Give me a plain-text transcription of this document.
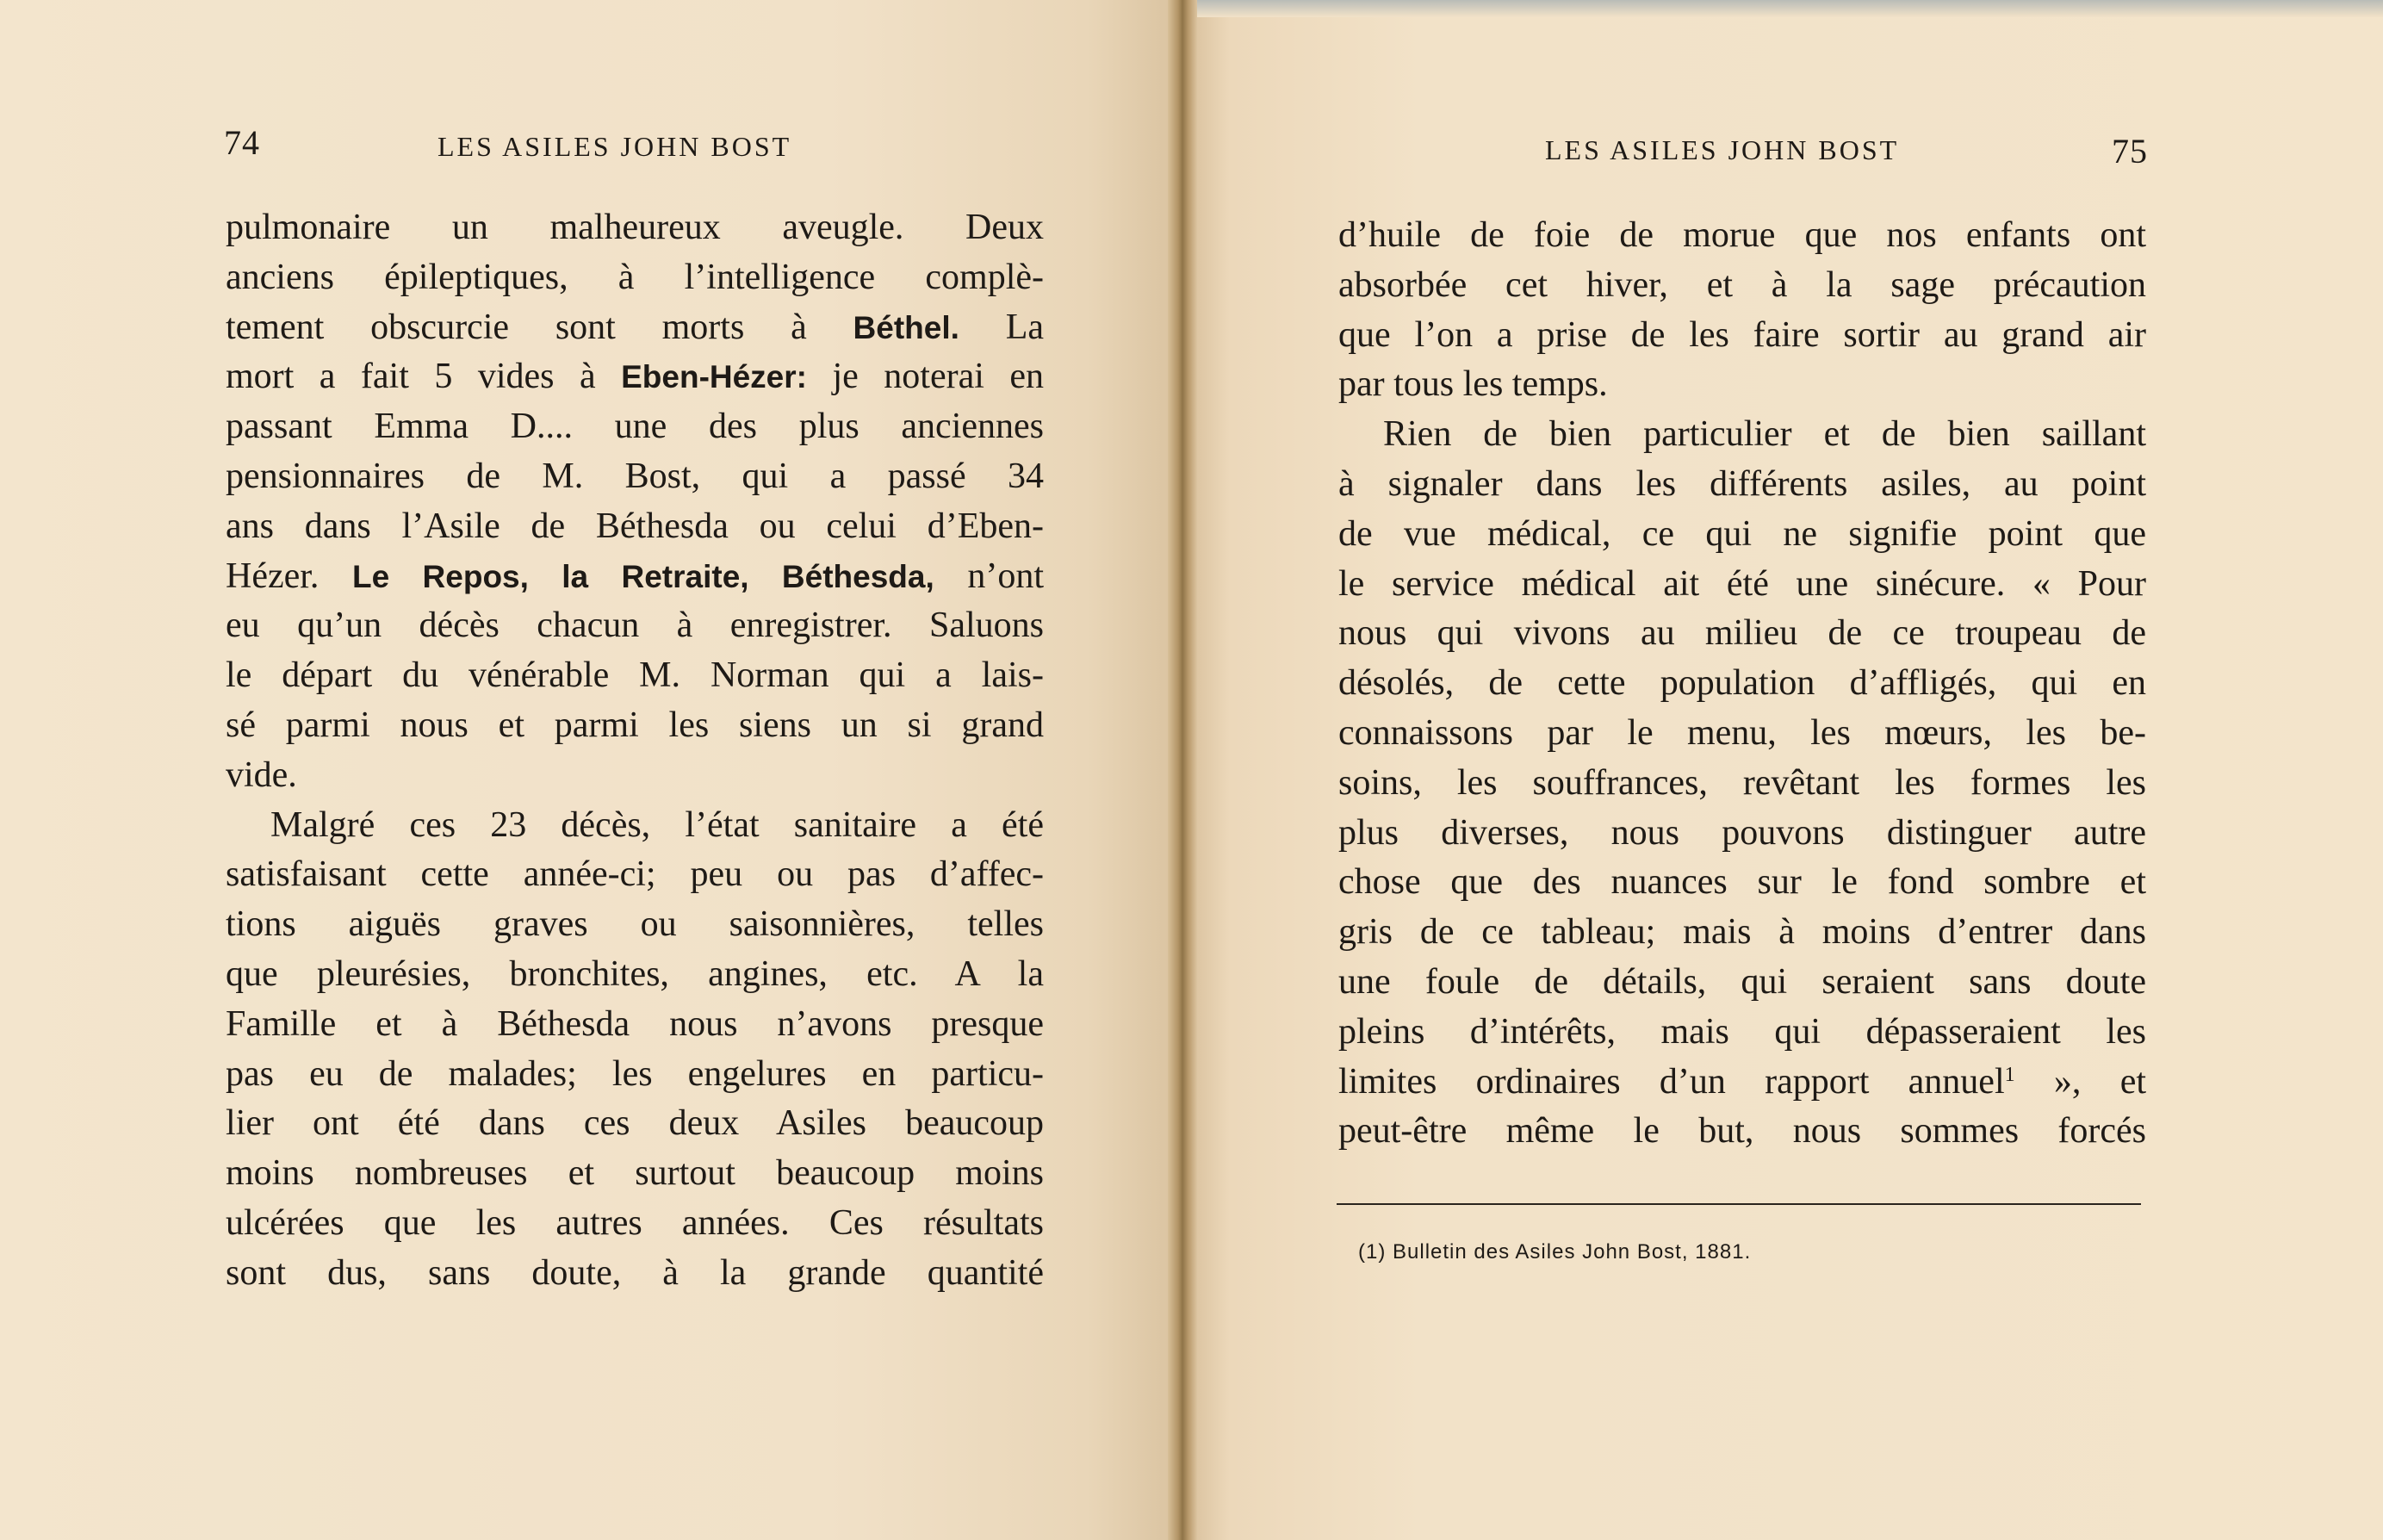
74	LES ASILES JOHN BOST
pulmonaire un malheureux aveugle. Deux
anciens épileptiques, à l’intelligence complè-
tement obscurcie sont morts à Béthel. La
mort a fait 5 vides à Eben-Hézer: je noterai en
passant Emma D.... une des plus anciennes
pensionnaires de M. Bost, qui a passé 34
ans dans l’Asile de Béthesda ou celui d’Eben-
Hézer. Le Repos, la Retraite, Béthesda, n’ont
eu qu’un décès chacun à enregistrer. Saluons
le départ du vénérable M. Norman qui a lais-
sé parmi nous et parmi les siens un si grand
vide.
Malgré ces 23 décès, l’état sanitaire a été
satisfaisant cette année-ci; peu ou pas d’affec-
tions aiguës graves ou saisonnières, telles
que pleurésies, bronchites, angines, etc. A la
Famille et à Béthesda nous n’avons presque
pas eu de malades; les engelures en particu-
lier ont été dans ces deux Asiles beaucoup
moins nombreuses et surtout beaucoup moins
ulcérées que les autres années. Ces résultats
sont dus, sans doute, à la grande quantité
LES ASILES JOHN BOST	75
d’huile de foie de morue que nos enfants ont
absorbée cet hiver, et à la sage précaution
que l’on a prise de les faire sortir au grand air
par tous les temps.
Rien de bien particulier et de bien saillant
à signaler dans les différents asiles, au point
de vue médical, ce qui ne signifie point que
le service médical ait été une sinécure. « Pour
nous qui vivons au milieu de ce troupeau de
désolés, de cette population d’affligés, qui en
connaissons par le menu, les mœurs, les be-
soins, les souffrances, revêtant les formes les
plus diverses, nous pouvons distinguer autre
chose que des nuances sur le fond sombre et
gris de ce tableau; mais à moins d’entrer dans
une foule de détails, qui seraient sans doute
pleins d’intérêts, mais qui dépasseraient les
limites ordinaires d’un rapport annuel$^1$ », et
peut-être même le but, nous sommes forcés
(1) Bulletin des Asiles John Bost, 1881.
